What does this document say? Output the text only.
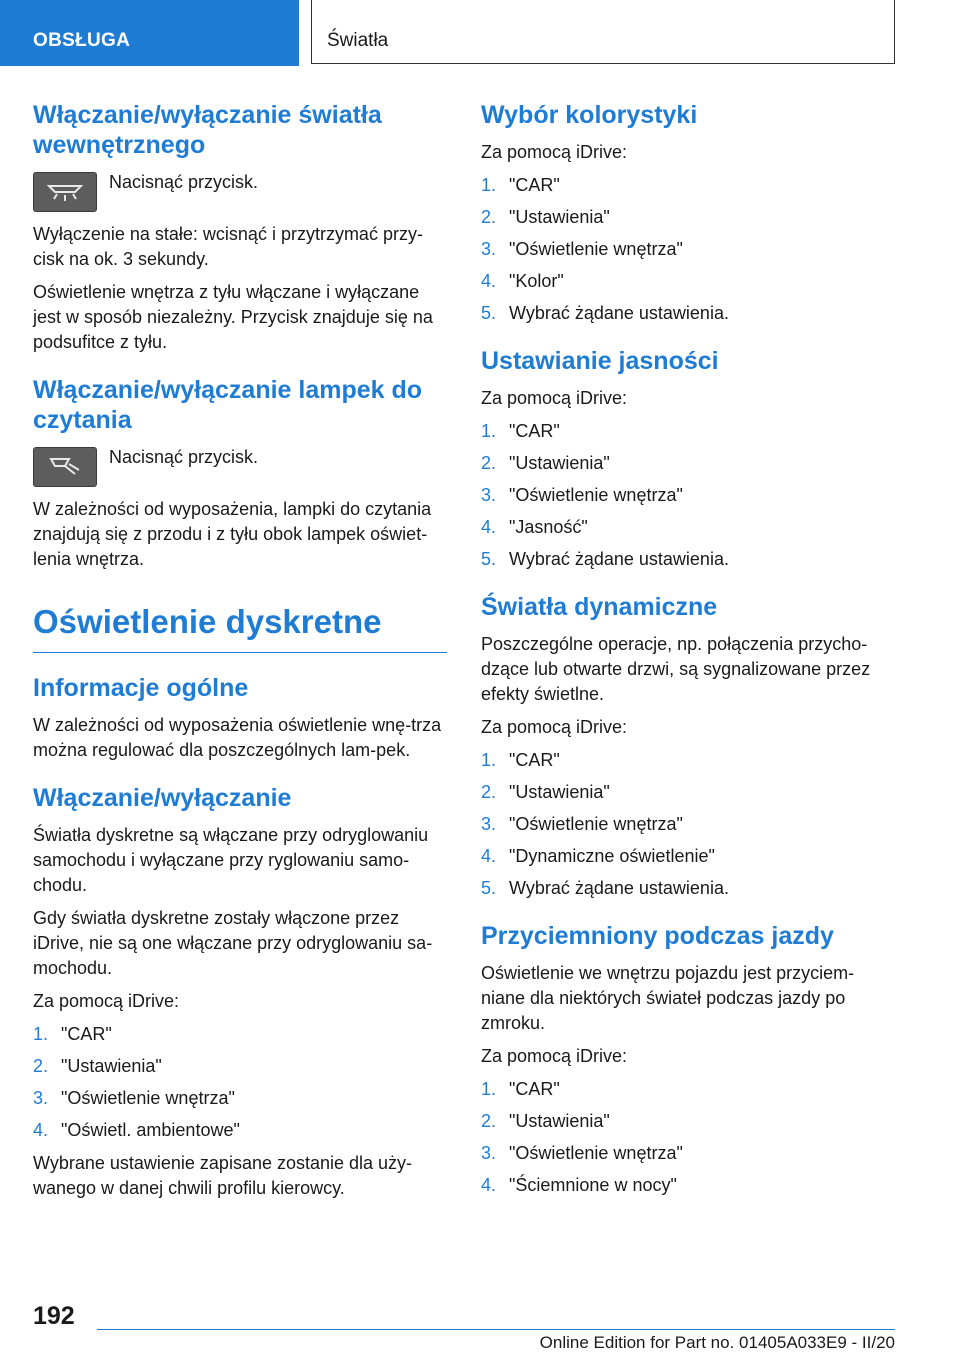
OBSŁUGA	Światła
Włączanie/wyłączanie światła wewnętrznego

Nacisnąć przycisk.

Wyłączenie na stałe: wcisnąć i przytrzymać przy-cisk na ok. 3 sekundy.

Oświetlenie wnętrza z tyłu włączane i wyłączane jest w sposób niezależny. Przycisk znajduje się na podsufitce z tyłu.

Włączanie/wyłączanie lampek do czytania

Nacisnąć przycisk.

W zależności od wyposażenia, lampki do czytania znajdują się z przodu i z tyłu obok lampek oświet-lenia wnętrza.

Oświetlenie dyskretne
Informacje ogólne

W zależności od wyposażenia oświetlenie wnę-trza można regulować dla poszczególnych lam-pek.

Włączanie/wyłączanie

Światła dyskretne są włączane przy odryglowaniu samochodu i wyłączane przy ryglowaniu samo-chodu.

Gdy światła dyskretne zostały włączone przez iDrive, nie są one włączane przy odryglowaniu sa-mochodu.

Za pomocą iDrive:

1. "CAR"
2. "Ustawienia"
3. "Oświetlenie wnętrza"
4. "Oświetl. ambientowe"

Wybrane ustawienie zapisane zostanie dla uży-wanego w danej chwili profilu kierowcy.

Wybór kolorystyki

Za pomocą iDrive:

1. "CAR"
2. "Ustawienia"
3. "Oświetlenie wnętrza"
4. "Kolor"
5. Wybrać żądane ustawienia.
Ustawianie jasności

Za pomocą iDrive:

1. "CAR"
2. "Ustawienia"
3. "Oświetlenie wnętrza"
4. "Jasność"
5. Wybrać żądane ustawienia.
Światła dynamiczne

Poszczególne operacje, np. połączenia przycho-dzące lub otwarte drzwi, są sygnalizowane przez efekty świetlne.

Za pomocą iDrive:

1. "CAR"
2. "Ustawienia"
3. "Oświetlenie wnętrza"
4. "Dynamiczne oświetlenie"
5. Wybrać żądane ustawienia.
Przyciemniony podczas jazdy

Oświetlenie we wnętrzu pojazdu jest przyciem-niane dla niektórych świateł podczas jazdy po zmroku.

Za pomocą iDrive:

1. "CAR"
2. "Ustawienia"
3. "Oświetlenie wnętrza"
4. "Ściemnione w nocy"
192
Online Edition for Part no. 01405A033E9 - II/20
